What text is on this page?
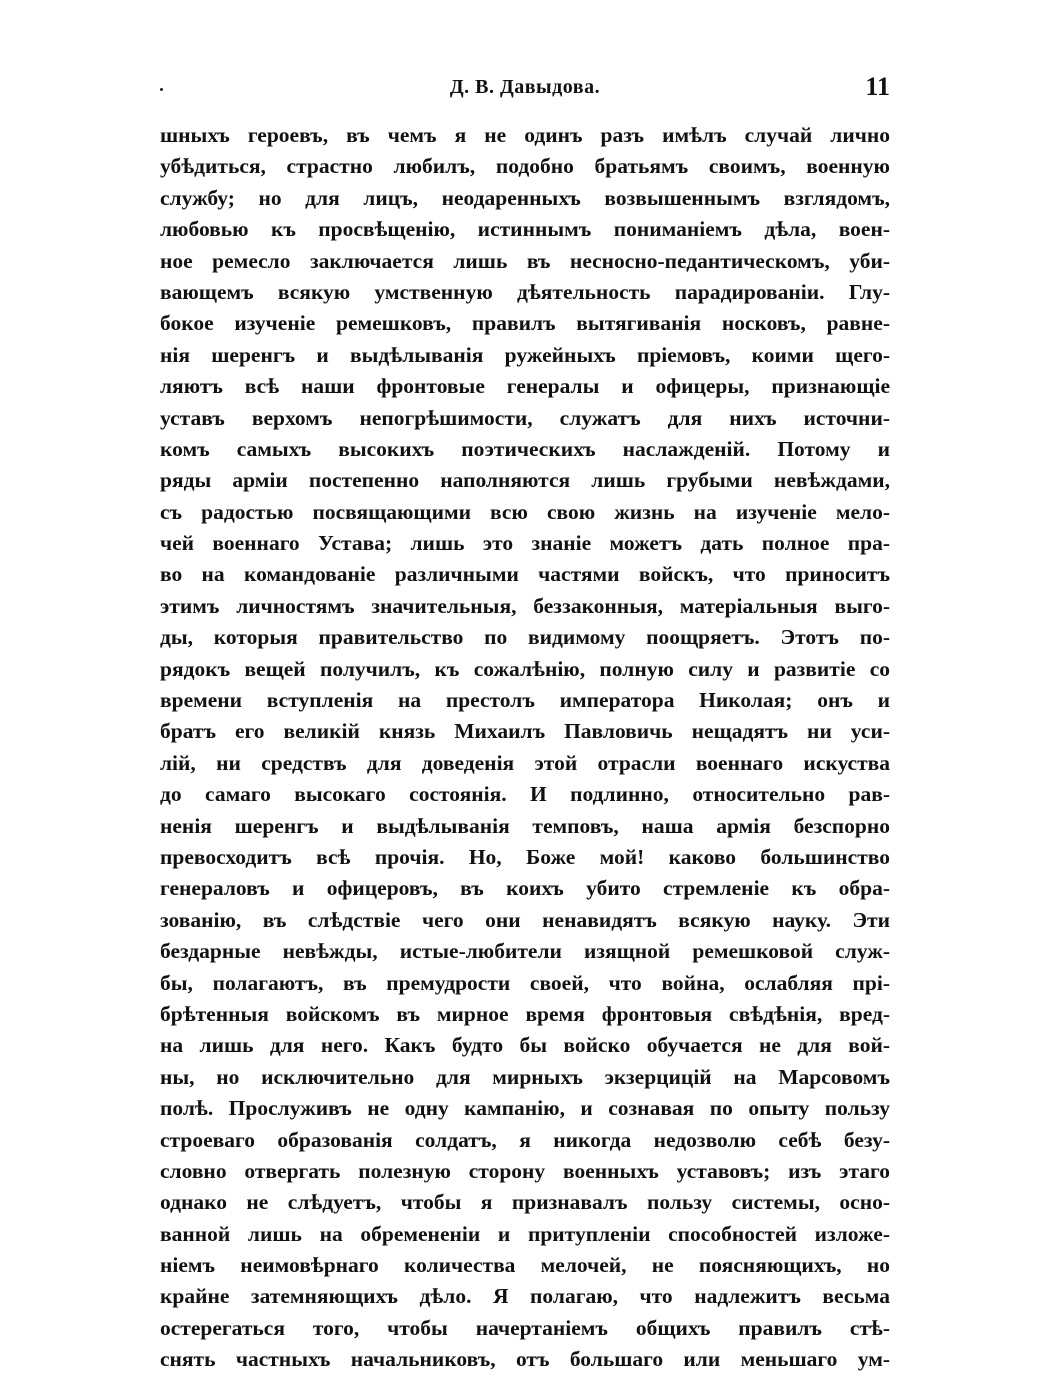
Д. В. Давыдова.	11
шныхъ героевъ, въ чемъ я не одинъ разъ имѣлъ случай лично
убѣдиться, страстно любилъ, подобно братьямъ своимъ, военную
службу; но для лицъ, неодаренныхъ возвышеннымъ взглядомъ,
любовью къ просвѣщенію, истиннымъ пониманіемъ дѣла, воен-
ное ремесло заключается лишь въ несносно-педантическомъ, уби-
вающемъ всякую умственную дѣятельность парадированіи. Глу-
бокое изученіе ремешковъ, правилъ вытягиванія носковъ, равне-
нія шеренгъ и выдѣлыванія ружейныхъ пріемовъ, коими щего-
ляютъ всѣ наши фронтовые генералы и офицеры, признающіе
уставъ верхомъ непогрѣшимости, служатъ для нихъ источни-
комъ самыхъ высокихъ поэтическихъ наслажденій. Потому и
ряды арміи постепенно наполняются лишь грубыми невѣждами,
съ радостью посвящающими всю свою жизнь на изученіе мело-
чей военнаго Устава; лишь это знаніе можетъ дать полное пра-
во на командованіе различными частями войскъ, что приноситъ
этимъ личностямъ значительныя, беззаконныя, матеріальныя выго-
ды, которыя правительство по видимому поощряетъ. Этотъ по-
рядокъ вещей получилъ, къ сожалѣнію, полную силу и развитіе со
времени вступленія на престолъ императора Николая; онъ и
братъ его великій князь Михаилъ Павловичь нещадятъ ни уси-
лій, ни средствъ для доведенія этой отрасли военнаго искуства
до самаго высокаго состоянія. И подлинно, относительно рав-
ненія шеренгъ и выдѣлыванія темповъ, наша армія безспорно
превосходитъ всѣ прочія. Но, Боже мой! каково большинство
генераловъ и офицеровъ, въ коихъ убито стремленіе къ обра-
зованію, въ слѣдствіе чего они ненавидятъ всякую науку. Эти
бездарные невѣжды, истые-любители изящной ремешковой служ-
бы, полагаютъ, въ премудрости своей, что война, ослабляя прі-
брѣтенныя войскомъ въ мирное время фронтовыя свѣдѣнія, вред-
на лишь для него. Какъ будто бы войско обучается не для вой-
ны, но исключительно для мирныхъ экзерцицій на Марсовомъ
полѣ. Прослуживъ не одну кампанію, и сознавая по опыту пользу
строеваго образованія солдатъ, я никогда недозволю себѣ безу-
словно отвергать полезную сторону военныхъ уставовъ; изъ этаго
однако не слѣдуетъ, чтобы я признавалъ пользу системы, осно-
ванной лишь на обремененіи и притупленіи способностей изложе-
ніемъ неимовѣрнаго количества мелочей, не поясняющихъ, но
крайне затемняющихъ дѣло. Я полагаю, что надлежитъ весьма
остерегаться того, чтобы начертаніемъ общихъ правилъ стѣ-
снять частныхъ начальниковъ, отъ большаго или меньшаго ум-
